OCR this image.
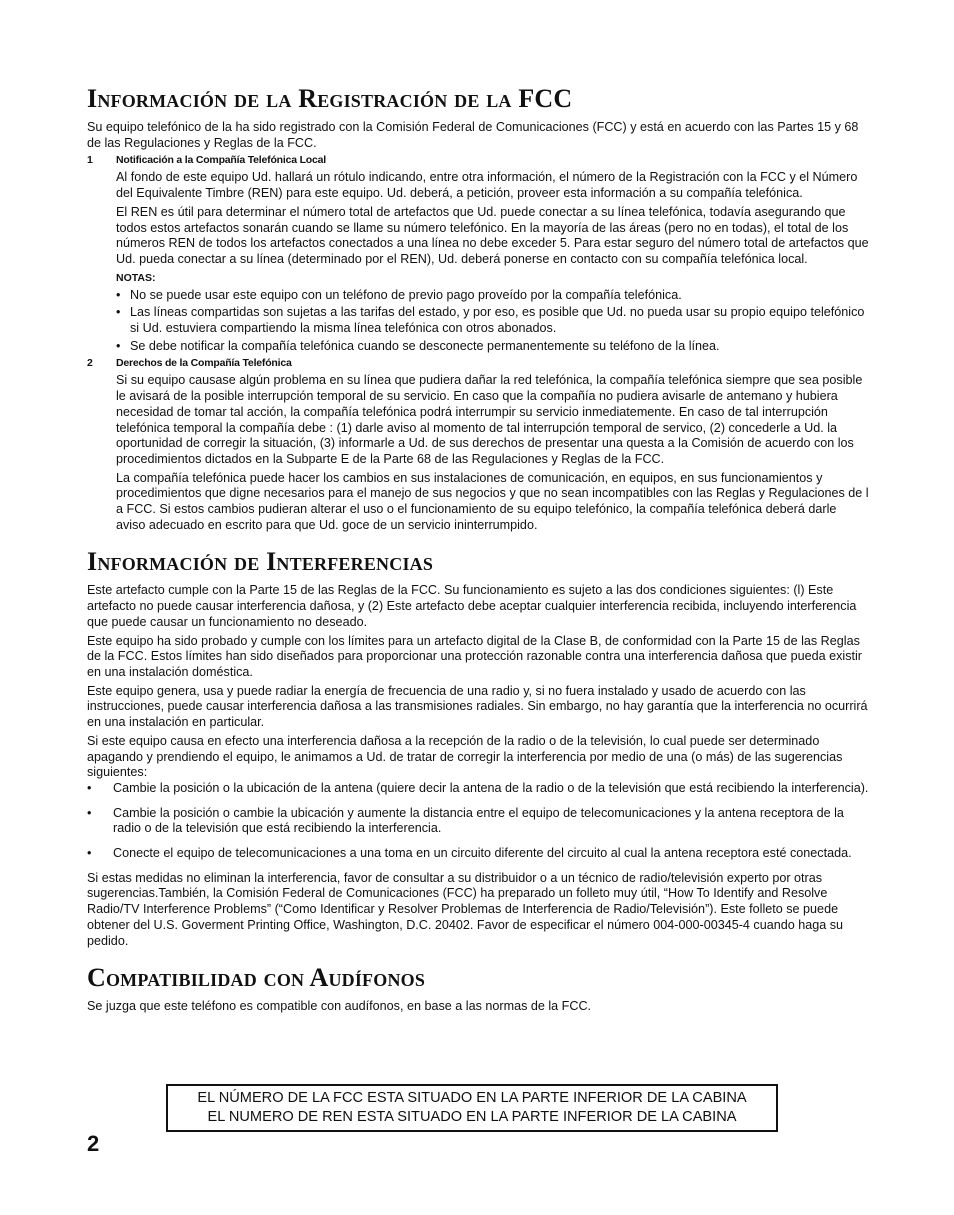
Información de la Registración de la FCC

Su equipo telefónico de la ha sido registrado con la Comisión Federal de Comunicaciones (FCC) y está en acuerdo con las Partes 15 y 68 de las Regulaciones y Reglas de la FCC.

1	Notificación a la Compañía Telefónica Local

Al fondo de este equipo Ud. hallará un rótulo indicando, entre otra información, el número de la Registración con la FCC y el Número del Equivalente Timbre (REN) para este equipo. Ud. deberá, a petición, proveer esta información a su compañía telefónica.

El REN es útil para determinar el número total de artefactos que Ud. puede conectar a su línea telefónica, todavía asegurando que todos estos artefactos sonarán cuando se llame su número telefónico. En la mayoría de las áreas (pero no en todas), el total de los números REN de todos los artefactos conectados a una línea no debe exceder 5. Para estar seguro del número total de artefactos que Ud. pueda conectar a su línea (determinado por el REN), Ud. deberá ponerse en contacto con su compañía telefónica local.

NOTAS:
• No se puede usar este equipo con un teléfono de previo pago proveído por la compañía telefónica.
• Las líneas compartidas son sujetas a las tarifas del estado, y por eso, es posible que Ud. no pueda usar su propio equipo telefónico si Ud. estuviera compartiendo la misma línea telefónica con otros abonados.
• Se debe notificar la compañía telefónica cuando se desconecte permanentemente su teléfono de la línea.
2	Derechos de la Compañía Telefónica

Si su equipo causase algún problema en su línea que pudiera dañar la red telefónica, la compañía telefónica siempre que sea posible le avisará de la posible interrupción temporal de su servicio. En caso que la compañía no pudiera avisarle de antemano y hubiera necesidad de tomar tal acción, la compañía telefónica podrá interrumpir su servicio inmediatemente. En caso de tal interrupción telefónica temporal la compañía debe : (1) darle aviso al momento de tal interrupción temporal de servico, (2) concederle a Ud. la oportunidad de corregir la situación, (3) informarle a Ud. de sus derechos de presentar una questa a la Comisión de acuerdo con los procedimientos dictados en la Subparte E de la Parte 68 de las Regulaciones y Reglas de la FCC.

La compañía telefónica puede hacer los cambios en sus instalaciones de comunicación, en equipos, en sus funcionamientos y procedimientos que digne necesarios para el manejo de sus negocios y que no sean incompatibles con las Reglas y Regulaciones de l a FCC. Si estos cambios pudieran alterar el uso o el funcionamiento de su equipo telefónico, la compañía telefónica deberá darle aviso adecuado en escrito para que Ud. goce de un servicio ininterrumpido.

Información de Interferencias

Este artefacto cumple con la Parte 15 de las Reglas de la FCC. Su funcionamiento es sujeto a las dos condiciones siguientes: (l) Este artefacto no puede causar interferencia dañosa, y (2) Este artefacto debe aceptar cualquier interferencia recibida, incluyendo interferencia que puede causar un funcionamiento no deseado.

Este equipo ha sido probado y cumple con los límites para un artefacto digital de la Clase B, de conformidad con la Parte 15 de las Reglas de la FCC. Estos límites han sido diseñados para proporcionar una protección razonable contra una interferencia dañosa que pueda existir en una instalación doméstica.

Este equipo genera, usa y puede radiar la energía de frecuencia de una radio y, si no fuera instalado y usado de acuerdo con las instrucciones, puede causar interferencia dañosa a las transmisiones radiales. Sin embargo, no hay garantía que la interferencia no ocurrirá en una instalación en particular.

Si este equipo causa en efecto una interferencia dañosa a la recepción de la radio o de la televisión, lo cual puede ser determinado apagando y prendiendo el equipo, le animamos a Ud. de tratar de corregir la interferencia por medio de una (o más) de las sugerencias siguientes:

• Cambie la posición o la ubicación de la antena (quiere decir la antena de la radio o de la televisión que está recibiendo la interferencia).
• Cambie la posición o cambie la ubicación y aumente la distancia entre el equipo de telecomunicaciones y la antena receptora de la radio o de la televisión que está recibiendo la interferencia.
• Conecte el equipo de telecomunicaciones a una toma en un circuito diferente del circuito al cual la antena receptora esté conectada.

Si estas medidas no eliminan la interferencia, favor de consultar a su distribuidor o a un técnico de radio/televisión experto por otras sugerencias.También, la Comisión Federal de Comunicaciones (FCC) ha preparado un folleto muy útil, “How To Identify and Resolve Radio/TV Interference Problems” (“Como Identificar y Resolver Problemas de Interferencia de Radio/Televisión”). Este folleto se puede obtener del U.S. Goverment Printing Office, Washington, D.C. 20402. Favor de especificar el número 004-000-00345-4 cuando haga su pedido.

Compatibilidad con Audífonos

Se juzga que este teléfono es compatible con audífonos, en base a las normas de la FCC.

EL NÚMERO DE LA FCC ESTA SITUADO EN LA PARTE INFERIOR DE LA CABINA
EL NUMERO DE REN ESTA SITUADO EN LA PARTE INFERIOR DE LA CABINA
2
